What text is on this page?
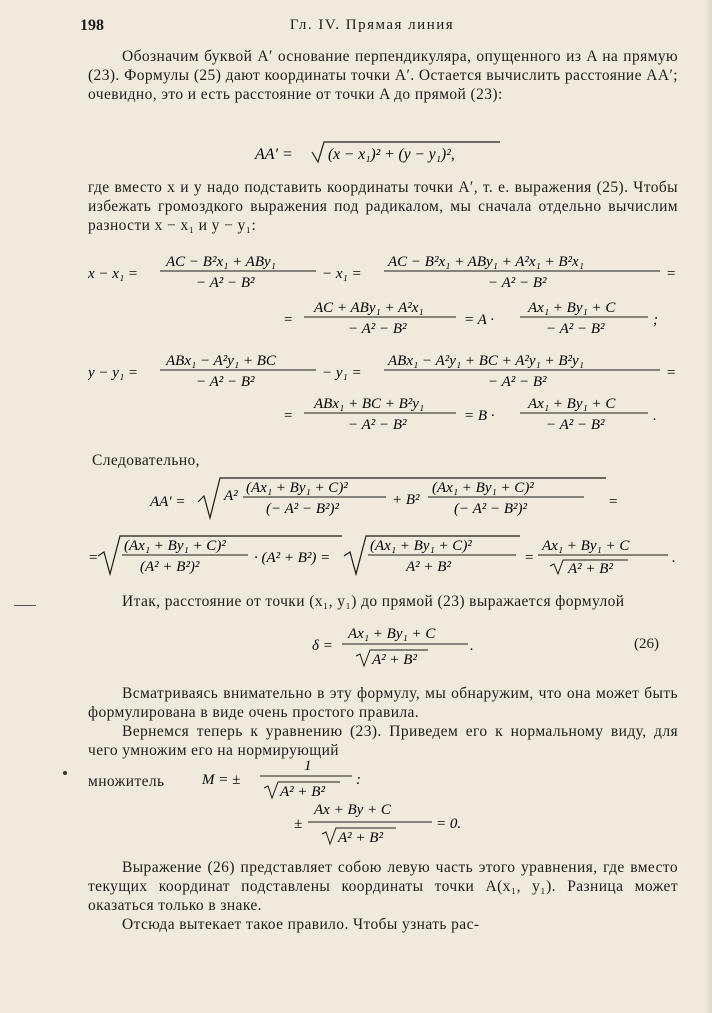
198	Гл. IV. Прямая линия
Обозначим буквой A′ основание перпендикуляра, опущенного из A на прямую (23). Формулы (25) дают координаты точки A′. Остается вычислить расстояние AA′; очевидно, это и есть расстояние от точки A до прямой (23):
AA′ = (x − x₁)² + (y − y₁)²,
где вместо x и y надо подставить координаты точки A′, т. е. выражения (25). Чтобы избежать громоздкого выражения под радикалом, мы сначала отдельно вычислим разности x − x₁ и y − y₁:
x − x₁ =
AC − B²x₁ + ABy₁
− A² − B²
− x₁ =
AC − B²x₁ + ABy₁ + A²x₁ + B²x₁
− A² − B²
=
=
AC + ABy₁ + A²x₁
− A² − B²
= A ·
Ax₁ + By₁ + C
− A² − B²
;
y − y₁ =
ABx₁ − A²y₁ + BC
− A² − B²
− y₁ =
ABx₁ − A²y₁ + BC + A²y₁ + B²y₁
− A² − B²
=
=
ABx₁ + BC + B²y₁
− A² − B²
= B ·
Ax₁ + By₁ + C
− A² − B²
.
Следовательно,
AA′ =	A² (Ax₁ + By₁ + C)²
(− A² − B²)²
+ B²
(Ax₁ + By₁ + C)²
(− A² − B²)²	=
=
(Ax₁ + By₁ + C)²
(A² + B²)²
· (A² + B²) =
(Ax₁ + By₁ + C)²
A² + B²
=
Ax₁ + By₁ + C
A² + B²
.
Итак, расстояние от точки (x₁, y₁) до прямой (23) выражается формулой
δ =
Ax₁ + By₁ + C
A² + B²
.	(26)
Всматриваясь внимательно в эту формулу, мы обнаружим, что она может быть формулирована в виде очень простого правила.
Вернемся теперь к уравнению (23). Приведем его к нормальному виду, для чего умножим его на нормирующий
множитель	M = ±
1
A² + B²
:
±
Ax + By + C
A² + B²
= 0.
Выражение (26) представляет собою левую часть этого уравнения, где вместо текущих координат подставлены координаты точки A(x₁, y₁). Разница может оказаться только в знаке.
Отсюда вытекает такое правило. Чтобы узнать рас-
